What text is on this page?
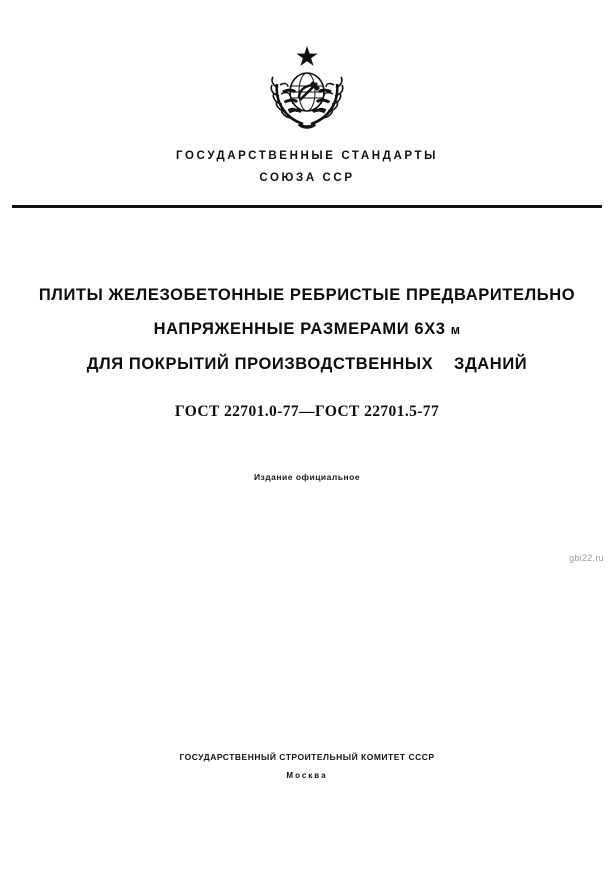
ГОСУДАРСТВЕННЫЕ СТАНДАРТЫ
СОЮЗА ССР
ПЛИТЫ ЖЕЛЕЗОБЕТОННЫЕ РЕБРИСТЫЕ ПРЕДВАРИТЕЛЬНО
НАПРЯЖЕННЫЕ РАЗМЕРАМИ 6Х3 м
ДЛЯ ПОКРЫТИЙ ПРОИЗВОДСТВЕННЫХ    ЗДАНИЙ
ГОСТ 22701.0-77—ГОСТ 22701.5-77
Издание официальное
gbi22.ru
ГОСУДАРСТВЕННЫЙ СТРОИТЕЛЬНЫЙ КОМИТЕТ СССР
Москва
